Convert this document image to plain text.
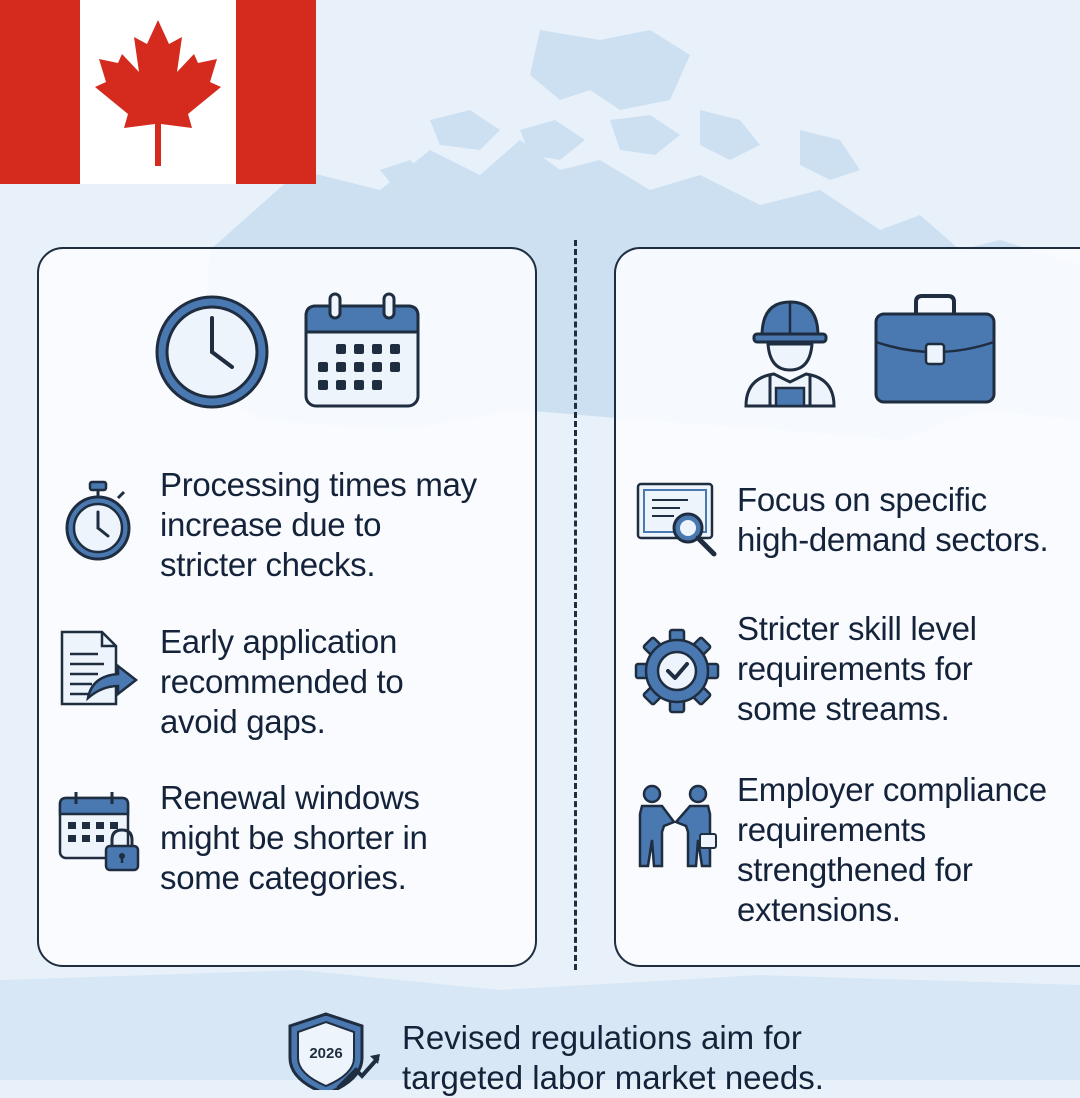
Processing times may
increase due to
stricter checks.
Early application
recommended to
avoid gaps.
Renewal windows
might be shorter in
some categories.
Focus on specific
high-demand sectors.
Stricter skill level
requirements for
some streams.
Employer compliance
requirements
strengthened for
extensions.
2026 Revised regulations aim for
targeted labor market needs.
